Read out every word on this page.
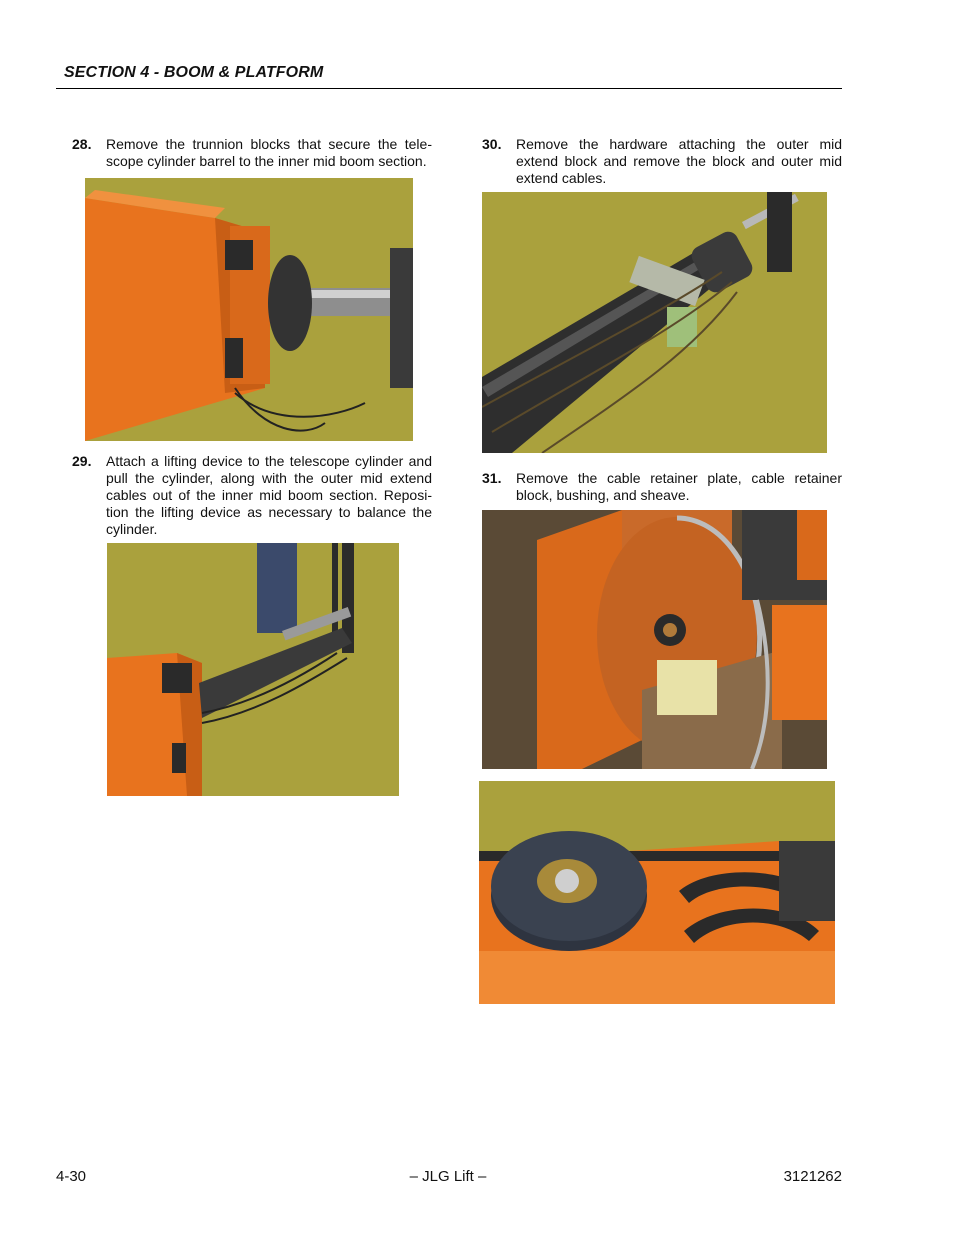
SECTION 4 - BOOM & PLATFORM
28. Remove the trunnion blocks that secure the tele-scope cylinder barrel to the inner mid boom section.
29. Attach a lifting device to the telescope cylinder and pull the cylinder, along with the outer mid extend cables out of the inner mid boom section. Reposi-tion the lifting device as necessary to balance the cylinder.
30. Remove the hardware attaching the outer mid extend block and remove the block and outer mid extend cables.
31. Remove the cable retainer plate, cable retainer block, bushing, and sheave.
4-30	– JLG Lift –	3121262
